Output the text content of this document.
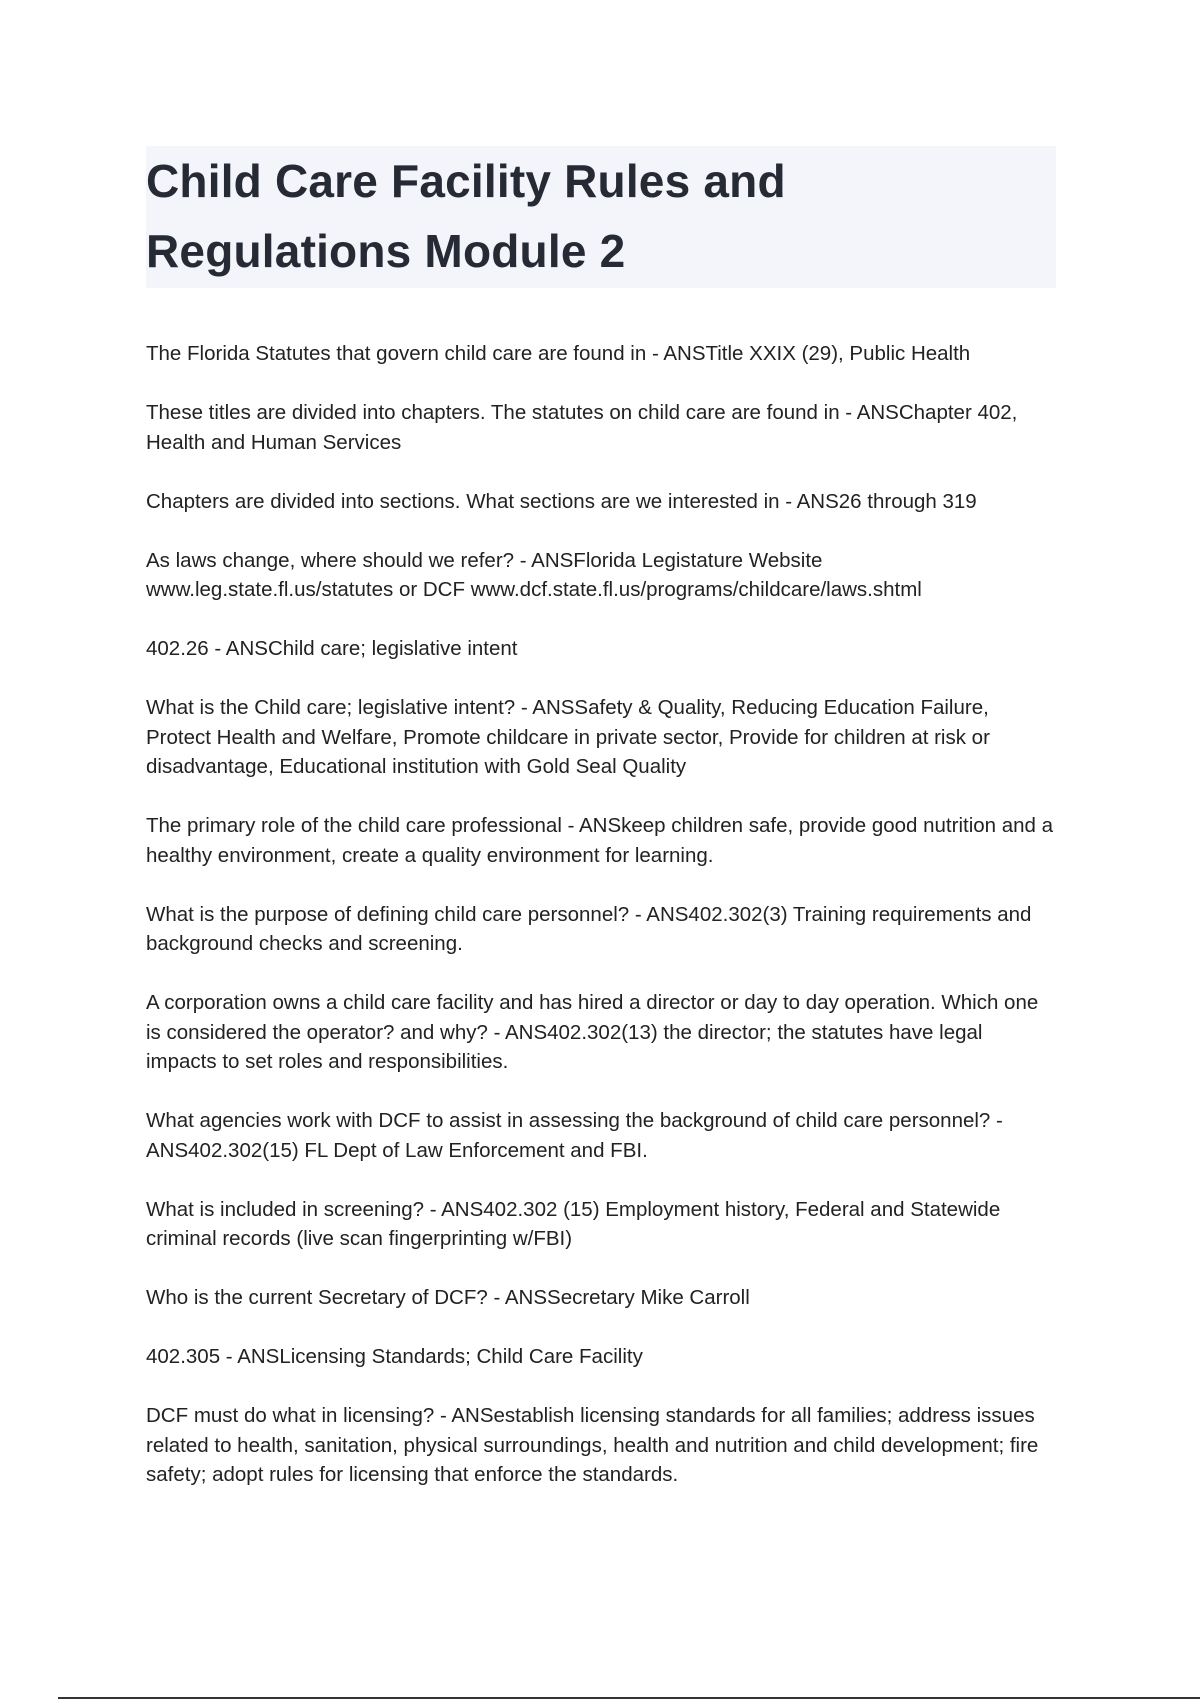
Child Care Facility Rules and Regulations Module 2

The Florida Statutes that govern child care are found in - ANSTitle XXIX (29), Public Health

These titles are divided into chapters. The statutes on child care are found in - ANSChapter 402, Health and Human Services

Chapters are divided into sections. What sections are we interested in - ANS26 through 319

As laws change, where should we refer? - ANSFlorida Legistature Website www.leg.state.fl.us/statutes or DCF www.dcf.state.fl.us/programs/childcare/laws.shtml

402.26 - ANSChild care; legislative intent

What is the Child care; legislative intent? - ANSSafety & Quality, Reducing Education Failure, Protect Health and Welfare, Promote childcare in private sector, Provide for children at risk or disadvantage, Educational institution with Gold Seal Quality

The primary role of the child care professional - ANSkeep children safe, provide good nutrition and a healthy environment, create a quality environment for learning.

What is the purpose of defining child care personnel? - ANS402.302(3) Training requirements and background checks and screening.

A corporation owns a child care facility and has hired a director or day to day operation. Which one is considered the operator? and why? - ANS402.302(13) the director; the statutes have legal impacts to set roles and responsibilities.

What agencies work with DCF to assist in assessing the background of child care personnel? - ANS402.302(15) FL Dept of Law Enforcement and FBI.

What is included in screening? - ANS402.302 (15) Employment history, Federal and Statewide criminal records (live scan fingerprinting w/FBI)

Who is the current Secretary of DCF? - ANSSecretary Mike Carroll

402.305 - ANSLicensing Standards; Child Care Facility

DCF must do what in licensing? - ANSestablish licensing standards for all families; address issues related to health, sanitation, physical surroundings, health and nutrition and child development; fire safety; adopt rules for licensing that enforce the standards.
